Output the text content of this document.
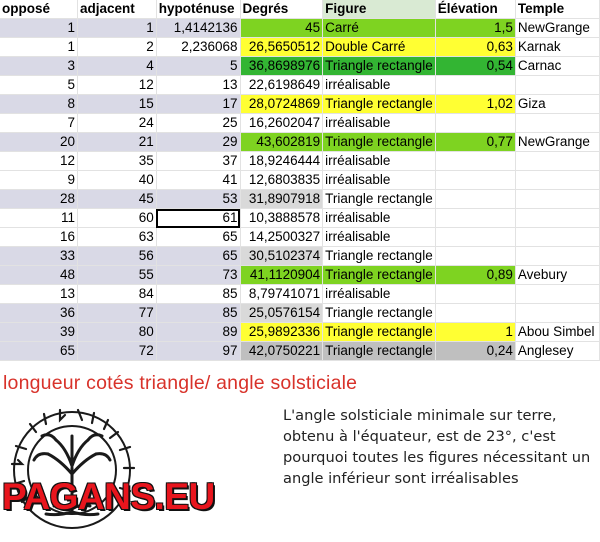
opposé	adjacent	hypoténuse	Degrés	Figure	Élévation	Temple
1	1	1,4142136	45	Carré	1,5	NewGrange
1	2	2,236068	26,5650512	Double Carré	0,63	Karnak
3	4	5	36,8698976	Triangle rectangle	0,54	Carnac
5	12	13	22,6198649	irréalisable		
8	15	17	28,0724869	Triangle rectangle	1,02	Giza
7	24	25	16,2602047	irréalisable		
20	21	29	43,602819	Triangle rectangle	0,77	NewGrange
12	35	37	18,9246444	irréalisable		
9	40	41	12,6803835	irréalisable		
28	45	53	31,8907918	Triangle rectangle		
11	60	61	10,3888578	irréalisable		
16	63	65	14,2500327	irréalisable		
33	56	65	30,5102374	Triangle rectangle		
48	55	73	41,1120904	Triangle rectangle	0,89	Avebury
13	84	85	8,79741071	irréalisable		
36	77	85	25,0576154	Triangle rectangle		
39	80	89	25,9892336	Triangle rectangle	1	Abou Simbel
65	72	97	42,0750221	Triangle rectangle	0,24	Anglesey
longueur cotés triangle/ angle solsticiale
PAGANS.EU
L'angle solsticiale minimale sur terre, obtenu à l'équateur, est de 23°, c'est pourquoi toutes les figures nécessitant un angle inférieur sont irréalisables
